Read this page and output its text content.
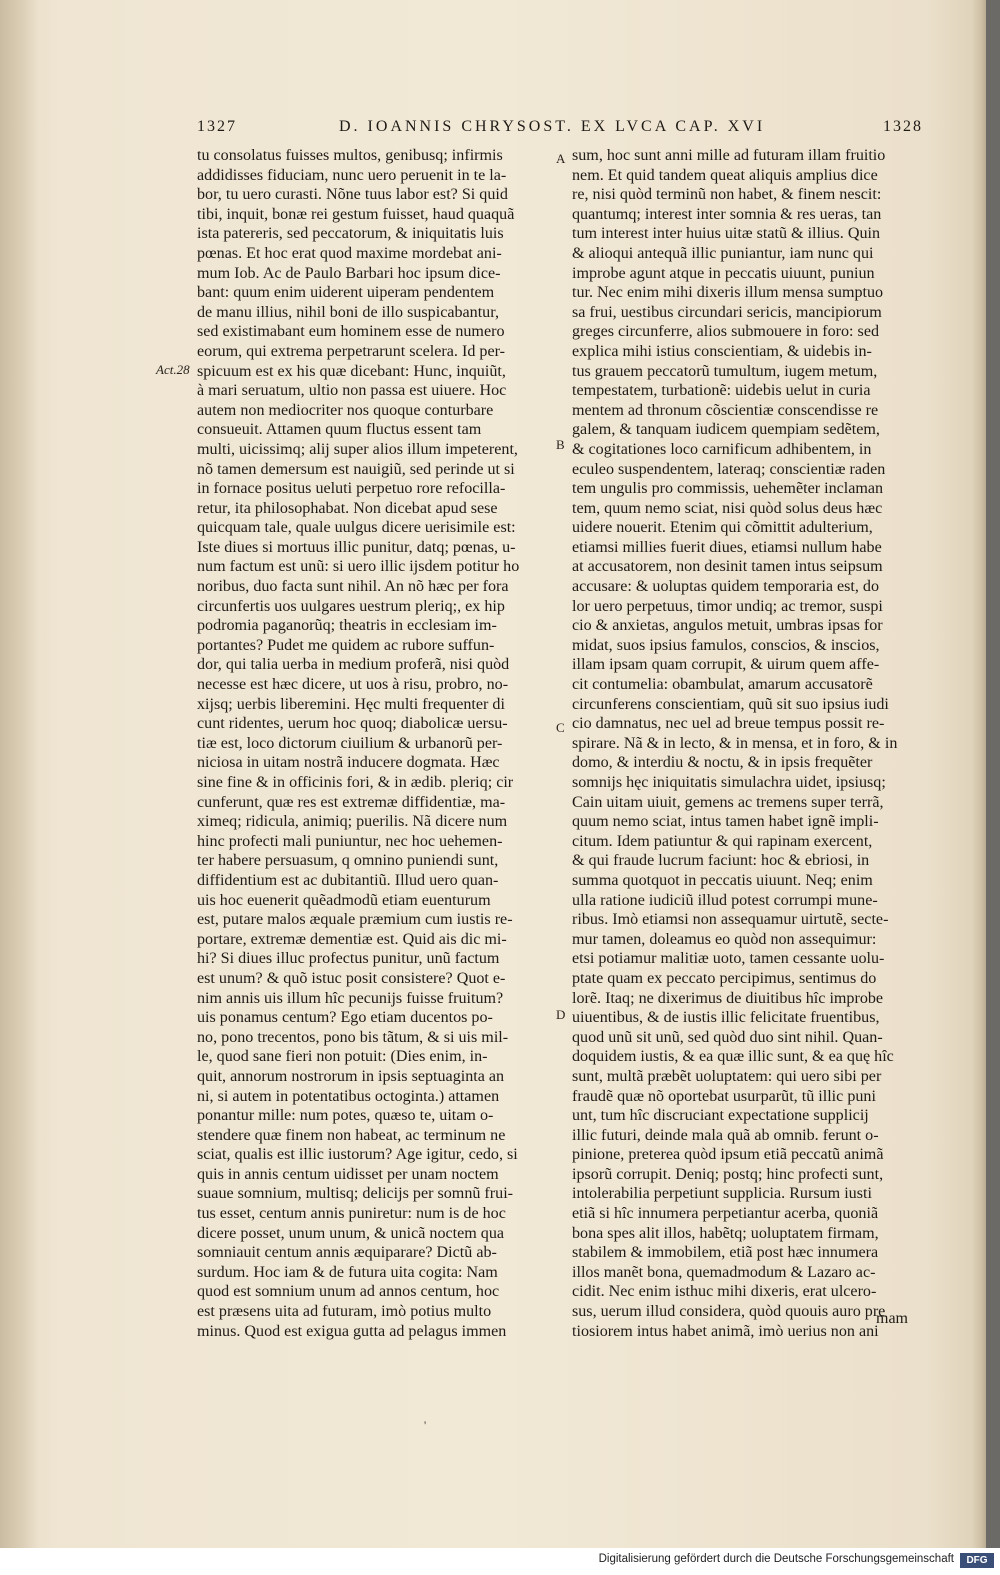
1327	D. IOANNIS CHRYSOST. EX LVCA CAP. XVI	1328
Act.28
A
B
C
D
tu consolatus fuisses multos, genibusq; infirmis
addidisses fiduciam, nunc uero peruenit in te la-
bor, tu uero curasti. Nõne tuus labor est? Si quid
tibi, inquit, bonæ rei gestum fuisset, haud quaquã
ista patereris, sed peccatorum, & iniquitatis luis
pœnas. Et hoc erat quod maxime mordebat ani-
mum Iob. Ac de Paulo Barbari hoc ipsum dice-
bant: quum enim uiderent uiperam pendentem
de manu illius, nihil boni de illo suspicabantur,
sed existimabant eum hominem esse de numero
eorum, qui extrema perpetrarunt scelera. Id per-
spicuum est ex his quæ dicebant: Hunc, inquiũt,
à mari seruatum, ultio non passa est uiuere. Hoc
autem non mediocriter nos quoque conturbare
consueuit. Attamen quum fluctus essent tam
multi, uicissimq; alij super alios illum impeterent,
nõ tamen demersum est nauigiũ, sed perinde ut si
in fornace positus ueluti perpetuo rore refocilla-
retur, ita philosophabat. Non dicebat apud sese
quicquam tale, quale uulgus dicere uerisimile est:
Iste diues si mortuus illic punitur, datq; pœnas, u-
num factum est unũ: si uero illic ijsdem potitur ho
noribus, duo facta sunt nihil. An nõ hæc per fora
circunfertis uos uulgares uestrum pleriq;, ex hip
podromia paganorũq; theatris in ecclesiam im-
portantes? Pudet me quidem ac rubore suffun-
dor, qui talia uerba in medium proferã, nisi quòd
necesse est hæc dicere, ut uos à risu, probro, no-
xijsq; uerbis liberemini. Hęc multi frequenter di
cunt ridentes, uerum hoc quoq; diabolicæ uersu-
tiæ est, loco dictorum ciuilium & urbanorũ per-
niciosa in uitam nostrã inducere dogmata. Hæc
sine fine & in officinis fori, & in ædib. pleriq; cir
cunferunt, quæ res est extremæ diffidentiæ, ma-
ximeq; ridicula, animiq; puerilis. Nã dicere num
hinc profecti mali puniuntur, nec hoc uehemen-
ter habere persuasum, q omnino puniendi sunt,
diffidentium est ac dubitantiũ. Illud uero quan-
uis hoc euenerit quẽadmodũ etiam euenturum
est, putare malos æquale præmium cum iustis re-
portare, extremæ dementiæ est. Quid ais dic mi-
hi? Si diues illuc profectus punitur, unũ factum
est unum? & quõ istuc posit consistere? Quot e-
nim annis uis illum hîc pecunijs fuisse fruitum?
uis ponamus centum? Ego etiam ducentos po-
no, pono trecentos, pono bis tãtum, & si uis mil-
le, quod sane fieri non potuit: (Dies enim, in-
quit, annorum nostrorum in ipsis septuaginta an
ni, si autem in potentatibus octoginta.) attamen
ponantur mille: num potes, quæso te, uitam o-
stendere quæ finem non habeat, ac terminum ne
sciat, qualis est illic iustorum? Age igitur, cedo, si
quis in annis centum uidisset per unam noctem
suaue somnium, multisq; delicijs per somnũ frui-
tus esset, centum annis puniretur: num is de hoc
dicere posset, unum unum, & unicã noctem qua
somniauit centum annis æquiparare? Dictũ ab-
surdum. Hoc iam & de futura uita cogita: Nam
quod est somnium unum ad annos centum, hoc
est præsens uita ad futuram, imò potius multo
minus. Quod est exigua gutta ad pelagus immen
sum, hoc sunt anni mille ad futuram illam fruitio
nem. Et quid tandem queat aliquis amplius dice
re, nisi quòd terminũ non habet, & finem nescit:
quantumq; interest inter somnia & res ueras, tan
tum interest inter huius uitæ statũ & illius. Quin
& alioqui antequã illic puniantur, iam nunc qui
improbe agunt atque in peccatis uiuunt, puniun
tur. Nec enim mihi dixeris illum mensa sumptuo
sa frui, uestibus circundari sericis, mancipiorum
greges circunferre, alios submouere in foro: sed
explica mihi istius conscientiam, & uidebis in-
tus grauem peccatorũ tumultum, iugem metum,
tempestatem, turbationẽ: uidebis uelut in curia
mentem ad thronum cõscientiæ conscendisse re
galem, & tanquam iudicem quempiam sedẽtem,
& cogitationes loco carnificum adhibentem, in
eculeo suspendentem, lateraq; conscientiæ raden
tem ungulis pro commissis, uehemẽter inclaman
tem, quum nemo sciat, nisi quòd solus deus hæc
uidere nouerit. Etenim qui cõmittit adulterium,
etiamsi millies fuerit diues, etiamsi nullum habe
at accusatorem, non desinit tamen intus seipsum
accusare: & uoluptas quidem temporaria est, do
lor uero perpetuus, timor undiq; ac tremor, suspi
cio & anxietas, angulos metuit, umbras ipsas for
midat, suos ipsius famulos, conscios, & inscios,
illam ipsam quam corrupit, & uirum quem affe-
cit contumelia: obambulat, amarum accusatorẽ
circunferens conscientiam, quũ sit suo ipsius iudi
cio damnatus, nec uel ad breue tempus possit re-
spirare. Nã & in lecto, & in mensa, et in foro, & in
domo, & interdiu & noctu, & in ipsis frequẽter
somnijs hęc iniquitatis simulachra uidet, ipsiusq;
Cain uitam uiuit, gemens ac tremens super terrã,
quum nemo sciat, intus tamen habet ignẽ impli-
citum. Idem patiuntur & qui rapinam exercent,
& qui fraude lucrum faciunt: hoc & ebriosi, in
summa quotquot in peccatis uiuunt. Neq; enim
ulla ratione iudiciũ illud potest corrumpi mune-
ribus. Imò etiamsi non assequamur uirtutẽ, secte-
mur tamen, doleamus eo quòd non assequimur:
etsi potiamur malitiæ uoto, tamen cessante uolu-
ptate quam ex peccato percipimus, sentimus do
lorẽ. Itaq; ne dixerimus de diuitibus hîc improbe
uiuentibus, & de iustis illic felicitate fruentibus,
quod unũ sit unũ, sed quòd duo sint nihil. Quan-
doquidem iustis, & ea quæ illic sunt, & ea quę hîc
sunt, multã præbẽt uoluptatem: qui uero sibi per
fraudẽ quæ nõ oportebat usurparũt, tũ illic puni
unt, tum hîc discruciant expectatione supplicij
illic futuri, deinde mala quã ab omnib. ferunt o-
pinione, preterea quòd ipsum etiã peccatũ animã
ipsorũ corrupit. Deniq; postq; hinc profecti sunt,
intolerabilia perpetiunt supplicia. Rursum iusti
etiã si hîc innumera perpetiantur acerba, quoniã
bona spes alit illos, habẽtq; uoluptatem firmam,
stabilem & immobilem, etiã post hæc innumera
illos manẽt bona, quemadmodum & Lazaro ac-
cidit. Nec enim isthuc mihi dixeris, erat ulcero-
sus, uerum illud considera, quòd quouis auro pre
tiosiorem intus habet animã, imò uerius non ani
mam
'
Digitalisierung gefördert durch die Deutsche Forschungsgemeinschaft	DFG
